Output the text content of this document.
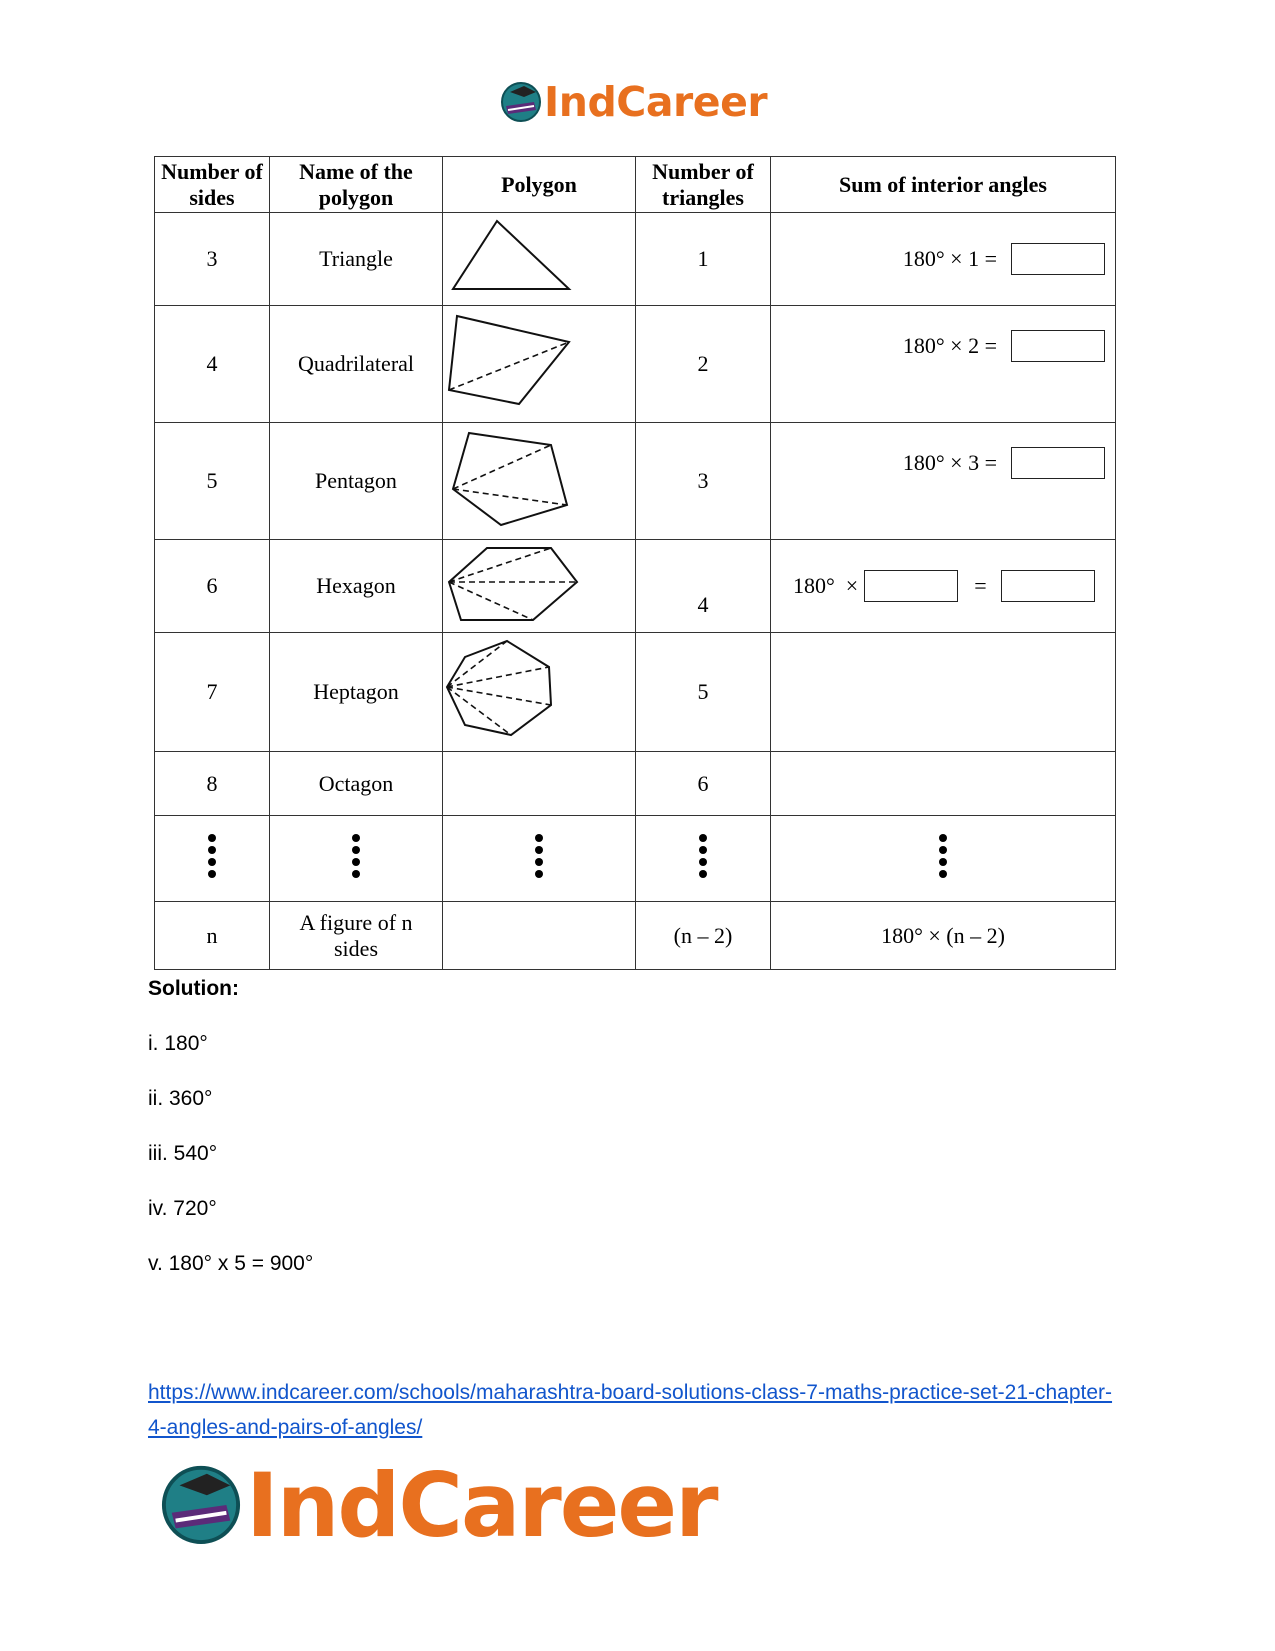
IndCareer
Number of sides	Name of the polygon	Polygon	Number of triangles	Sum of interior angles
3	Triangle		1	180° × 1 =
4	Quadrilateral		2	180° × 2 =
5	Pentagon		3	180° × 3 =
6	Hexagon		4	180°  × =
7	Heptagon		5	
8	Octagon		6	

n	A figure of n sides		(n – 2)	180° × (n – 2)
Solution:
i. 180°
ii. 360°
iii. 540°
iv. 720°
v. 180° x 5 = 900°
https://www.indcareer.com/schools/maharashtra-board-solutions-class-7-maths-practice-set-21-chapter-4-angles-and-pairs-of-angles/
IndCareer
